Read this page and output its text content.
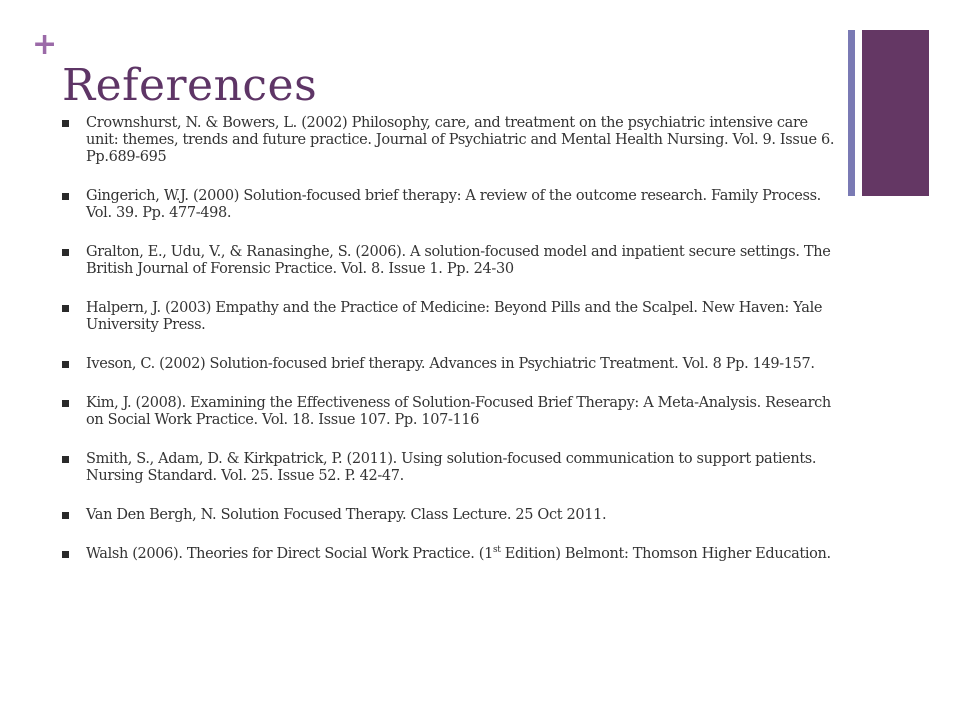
+
References
Crownshurst, N. & Bowers, L. (2002) Philosophy, care, and treatment on the psychiatric intensive care unit: themes, trends and future practice. Journal of Psychiatric and Mental Health Nursing. Vol. 9. Issue 6. Pp.689-695
Gingerich, W.J. (2000) Solution-focused brief therapy: A review of the outcome research. Family Process. Vol. 39. Pp. 477-498.
Gralton, E., Udu, V., & Ranasinghe, S. (2006). A solution-focused model and inpatient secure settings. The British Journal of Forensic Practice. Vol. 8. Issue 1. Pp. 24-30
Halpern, J. (2003) Empathy and the Practice of Medicine: Beyond Pills and the Scalpel. New Haven: Yale University Press.
Iveson, C. (2002) Solution-focused brief therapy. Advances in Psychiatric Treatment. Vol. 8 Pp. 149-157.
Kim, J. (2008). Examining the Effectiveness of Solution-Focused Brief Therapy: A Meta-Analysis. Research on Social Work Practice. Vol. 18. Issue 107. Pp. 107-116
Smith, S., Adam, D. & Kirkpatrick, P. (2011). Using solution-focused communication to support patients. Nursing Standard. Vol. 25. Issue 52. P. 42-47.
Van Den Bergh, N. Solution Focused Therapy. Class Lecture. 25 Oct 2011.
Walsh (2006). Theories for Direct Social Work Practice. (1st Edition) Belmont: Thomson Higher Education.
